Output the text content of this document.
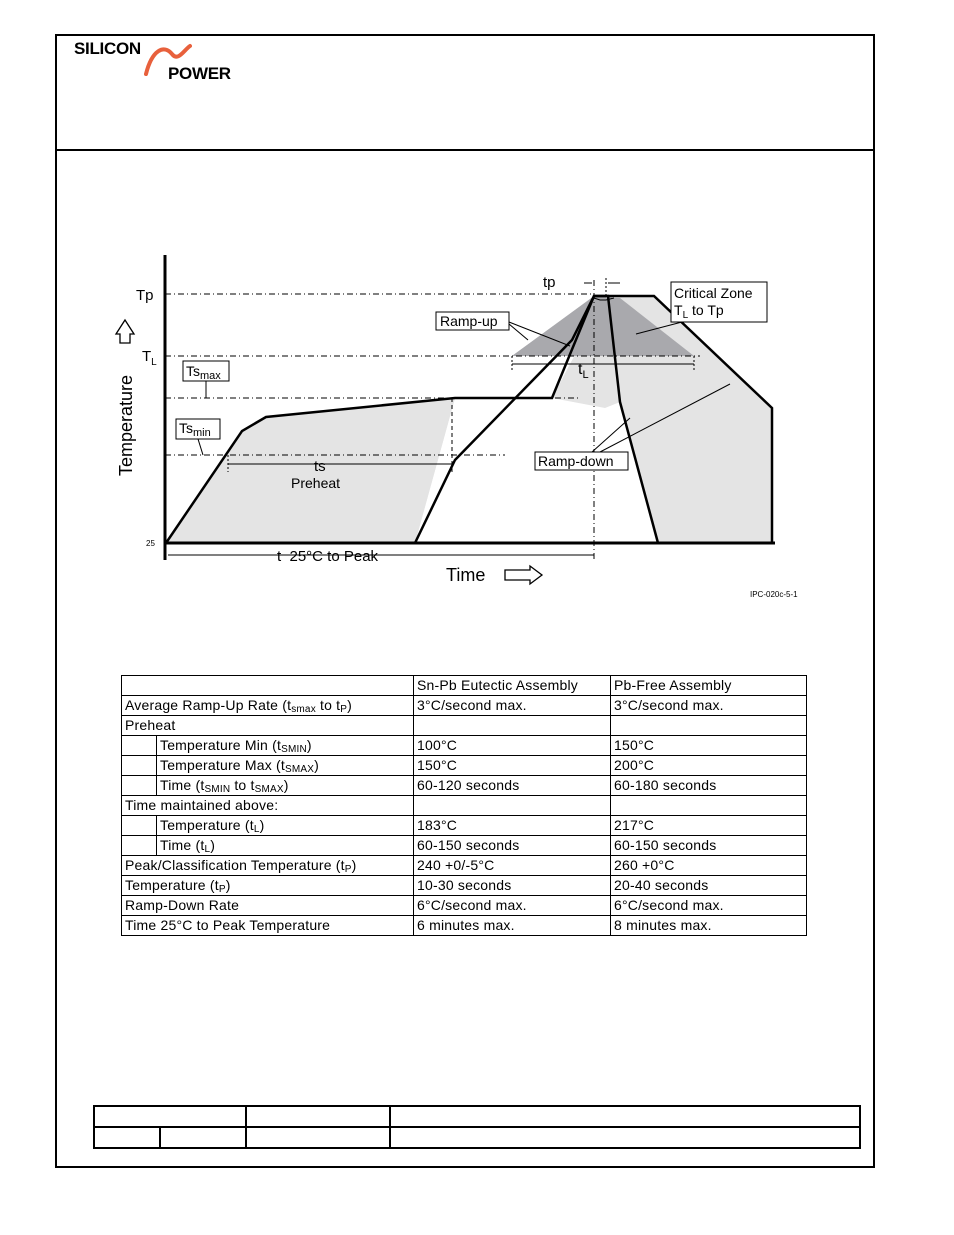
SILICON
POWER
Tp
$T_L$
$Ts_{max}$
$Ts_{min}$
tp
Critical Zone
$T_L$ to Tp
Ramp-up
Ramp-down
$t_L$
ts
Preheat
25
t  25°C to Peak
Time
Temperature
IPC-020c-5-1
		Sn-Pb Eutectic Assembly	Pb-Free Assembly
Average Ramp-Up Rate ($t_{smax}$ to $t_P$)		3°C/second max.	3°C/second max.
Preheat			
	Temperature Min $(t_{SMIN})$	100°C	150°C
	Temperature Max $(t_{SMAX})$	150°C	200°C
	Time ($t_{SMIN}$ to $t_{SMAX}$)	60-120 seconds	60-180 seconds
Time maintained above:			
	Temperature $(t_L)$	183°C	217°C
	Time $(t_L)$	60-150 seconds	60-150 seconds
Peak/Classification Temperature $(t_P)$		240 +0/-5°C	260 +0°C
Temperature $(t_P)$		10-30 seconds	20-40 seconds
Ramp-Down Rate		6°C/second max.	6°C/second max.
Time 25°C to Peak Temperature		6 minutes max.	8 minutes max.
